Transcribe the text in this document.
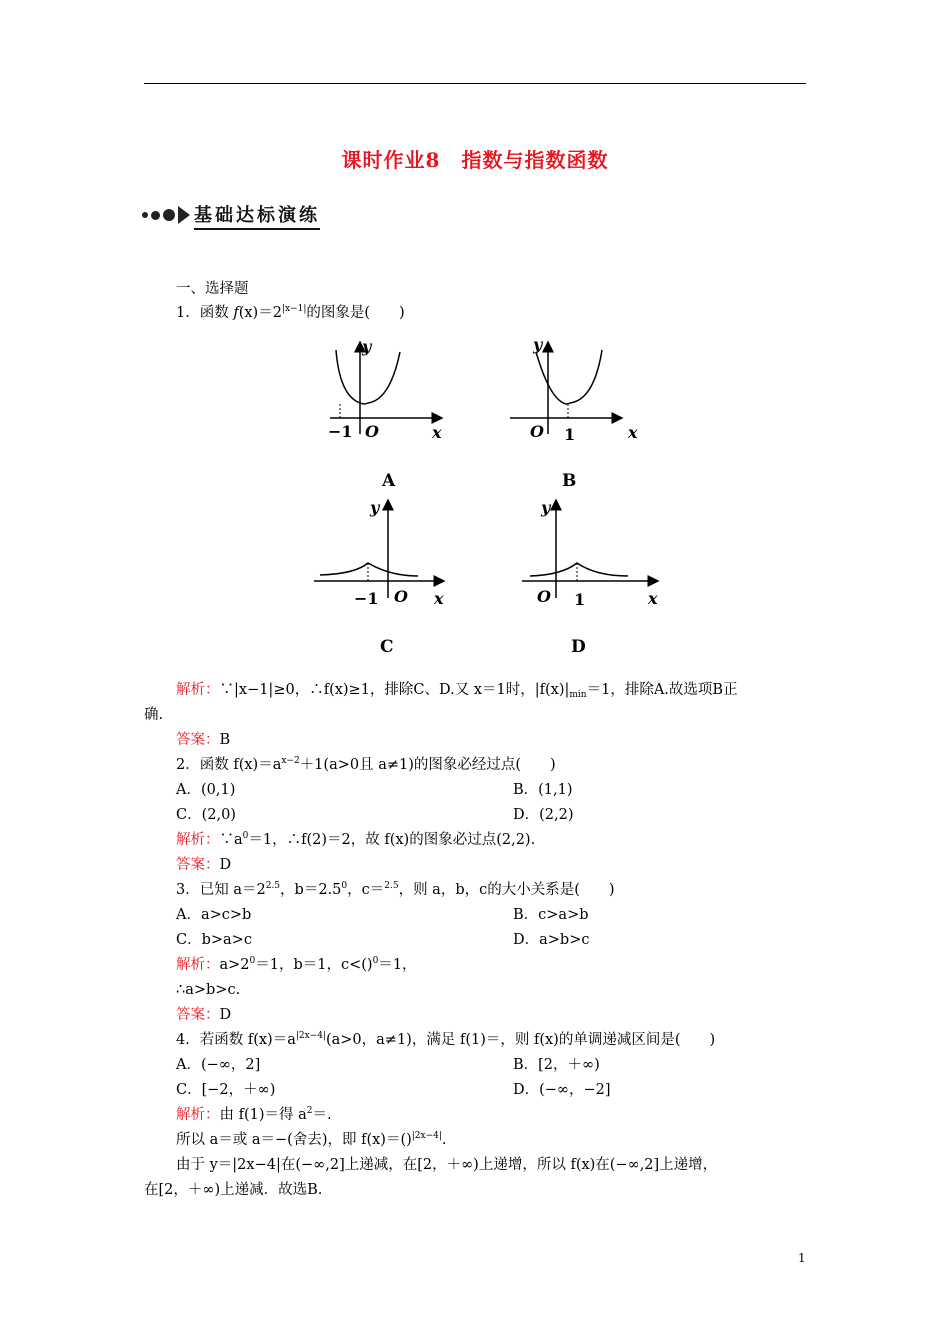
课时作业8　指数与指数函数
基础达标演练
一、选择题
1．函数 $f(x)=2^{|x-1|}$的图象是(　　)
y
−1 O	x
A
y
O 1	x
B
y
−1 O x
C
y
O 1	x
D
解析：∵|x−1|≥0，∴f(x)≥1，排除C、D.又 x＝1时，$|f(x)|_{min}=1$，排除A.故选项B正
确.
答案：B
2．函数 $f(x)=a^{x-2}+1(a>0$且 a≠1)的图象必经过点(　　)
A．(0,1)	B．(1,1)
C．(2,0)	D．(2,2)
解析：$\because a^0=1$，∴f(2)＝2，故 f(x)的图象必过点(2,2).
答案：D
3．已知 $a=2^{2.5}$，$b=2.5^0$，c＝$^{2.5}$，则 a，b，c的大小关系是(　　)
A．a>c>b	B．c>a>b
C．b>a>c	D．a>b>c
解析：$a>2^0=1$，b＝1，c<()$^0$＝1，
∴a>b>c.
答案：D
4．若函数 $f(x)=a^{|2x-4|}(a>0$，a≠1)，满足 f(1)＝，则 f(x)的单调递减区间是(　　)
A．(−∞，2]	B．[2，＋∞)
C．[−2，＋∞)	D．(−∞，−2]
解析：由 f(1)＝得 $a^2=$.
所以 a＝或 a＝−(舍去)，即 f(x)＝()$^{|2x-4|}$.
由于 y＝|2x−4|在(−∞,2]上递减，在[2，＋∞)上递增，所以 f(x)在(−∞,2]上递增，
在[2，＋∞)上递减．故选B.
1
